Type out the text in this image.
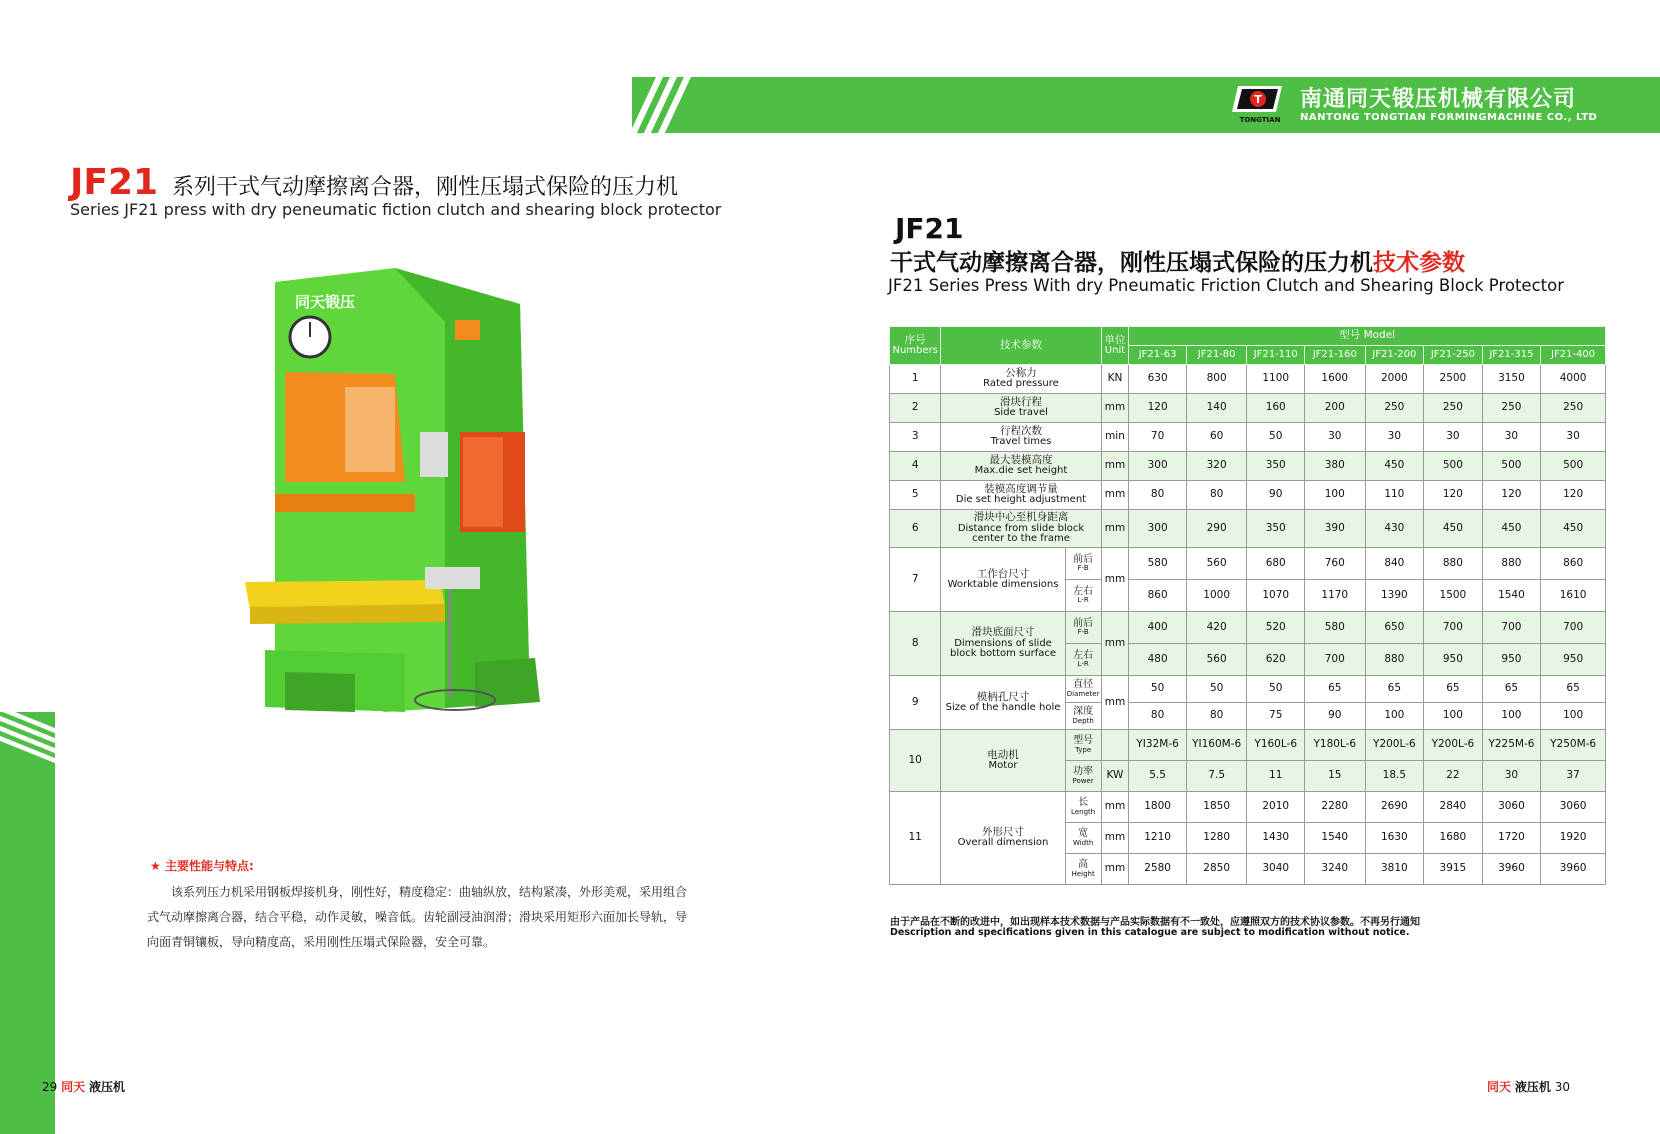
T
TONGTIAN
南通同天锻压机械有限公司
NANTONG TONGTIAN FORMINGMACHINE CO., LTD
JF21 系列干式气动摩擦离合器，刚性压塌式保险的压力机
Series JF21 press with dry peneumatic fiction clutch and shearing block protector
同天锻压
★ 主要性能与特点:
该系列压力机采用钢板焊接机身，刚性好，精度稳定：曲轴纵放，结构紧凑，外形美观，采用组合
式气动摩擦离合器，结合平稳，动作灵敏，噪音低。齿轮副浸油润滑；滑块采用矩形六面加长导轨，导
向面青铜镶板，导向精度高，采用刚性压塌式保险器，安全可靠。
JF21
干式气动摩擦离合器，刚性压塌式保险的压力机技术参数
JF21 Series Press With dry Pneumatic Friction Clutch and Shearing Block Protector
序号
Numbers	技术参数		单位
Unit	型号 Model							
				JF21-63	JF21-80	JF21-110	JF21-160	JF21-200	JF21-250	JF21-315	JF21-400
1	公称力
Rated pressure		KN	630	800	1100	1600	2000	2500	3150	4000
2	滑块行程
Side travel		mm	120	140	160	200	250	250	250	250
3	行程次数
Travel times		min	70	60	50	30	30	30	30	30
4	最大装模高度
Max.die set height		mm	300	320	350	380	450	500	500	500
5	装模高度调节量
Die set height adjustment		mm	80	80	90	100	110	120	120	120
6	滑块中心至机身距离
Distance from slide block center to the frame		mm	300	290	350	390	430	450	450	450
7	工作台尺寸
Worktable dimensions	前后
F-B	mm	580	560	680	760	840	880	880	860
		左右
L-R		860	1000	1070	1170	1390	1500	1540	1610
8	滑块底面尺寸
Dimensions of slide block bottom surface	前后
F-B	mm	400	420	520	580	650	700	700	700
		左右
L-R		480	560	620	700	880	950	950	950
9	模柄孔尺寸
Size of the handle hole	直径
Diameter	mm	50	50	50	65	65	65	65	65
		深度
Depth		80	80	75	90	100	100	100	100
10	电动机
Motor	型号
Type		YI32M-6	YI160M-6	Y160L-6	Y180L-6	Y200L-6	Y200L-6	Y225M-6	Y250M-6
		功率
Power	KW	5.5	7.5	11	15	18.5	22	30	37
11	外形尺寸
Overall dimension	长
Length	mm	1800	1850	2010	2280	2690	2840	3060	3060
		宽
Width	mm	1210	1280	1430	1540	1630	1680	1720	1920
		高
Height	mm	2580	2850	3040	3240	3810	3915	3960	3960
由于产品在不断的改进中，如出现样本技术数据与产品实际数据有不一致处，应遵照双方的技术协议参数。不再另行通知
Description and specifications given in this catalogue are subject to modification without notice.
29 同天 液压机	同天 液压机 30
